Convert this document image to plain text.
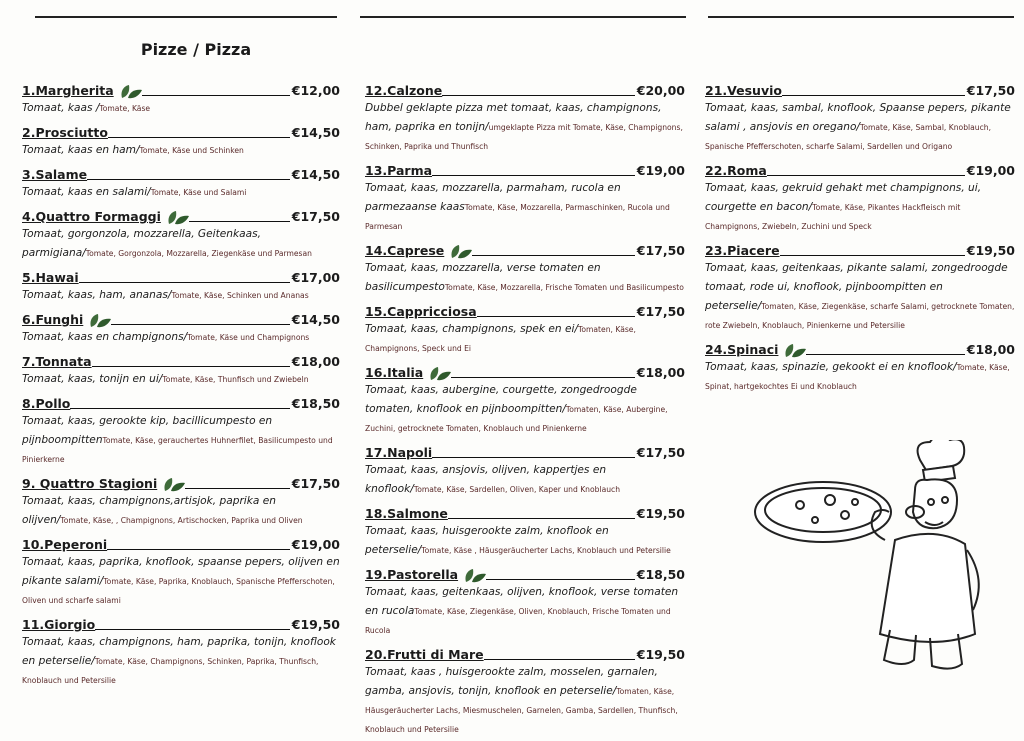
Pizze / Pizza
1.Margherita	€12,00
Tomaat, kaas /Tomate, Käse
2.Prosciutto	€14,50
Tomaat, kaas en ham/Tomate, Käse und Schinken
3.Salame	€14,50
Tomaat, kaas en salami/Tomate, Käse und Salami
4.Quattro Formaggi	€17,50
Tomaat, gorgonzola, mozzarella, Geitenkaas, parmigiana/Tomate, Gorgonzola, Mozzarella, Ziegenkäse und Parmesan
5.Hawai	€17,00
Tomaat, kaas, ham, ananas/Tomate, Käse, Schinken und Ananas
6.Funghi	€14,50
Tomaat, kaas en champignons/Tomate, Käse und Champignons
7.Tonnata	€18,00
Tomaat, kaas, tonijn en ui/Tomate, Käse, Thunfisch und Zwiebeln
8.Pollo	€18,50
Tomaat, kaas, gerookte kip, bacillicumpesto en pijnboompittenTomate, Käse, gerauchertes Huhnerfilet, Basilicumpesto und Pinierkerne
9. Quattro Stagioni	€17,50
Tomaat, kaas, champignons,artisjok, paprika en olijven/Tomate, Käse, , Champignons, Artischocken, Paprika und Oliven
10.Peperoni	€19,00
Tomaat, kaas, paprika, knoflook, spaanse pepers, olijven en pikante salami/Tomate, Käse, Paprika, Knoblauch, Spanische Pfefferschoten, Oliven und scharfe salami
11.Giorgio	€19,50
Tomaat, kaas, champignons, ham, paprika, tonijn, knoflook en peterselie/Tomate, Käse, Champignons, Schinken, Paprika, Thunfisch, Knoblauch und Petersilie
12.Calzone	€20,00
Dubbel geklapte pizza met tomaat, kaas, champignons, ham, paprika en tonijn/umgeklapte Pizza mit Tomate, Käse, Champignons, Schinken, Paprika und Thunfisch
13.Parma	€19,00
Tomaat, kaas, mozzarella, parmaham, rucola en parmezaanse kaasTomate, Käse, Mozzarella, Parmaschinken, Rucola und Parmesan
14.Caprese	€17,50
Tomaat, kaas, mozzarella, verse tomaten en basilicumpestoTomate, Käse, Mozzarella, Frische Tomaten und Basilicumpesto
15.Cappricciosa	€17,50
Tomaat, kaas, champignons, spek en ei/Tomaten, Käse, Champignons, Speck und Ei
16.Italia	€18,00
Tomaat, kaas, aubergine, courgette, zongedroogde tomaten, knoflook en pijnboompitten/Tomaten, Käse, Aubergine, Zuchini, getrocknete Tomaten, Knoblauch und Pinienkerne
17.Napoli	€17,50
Tomaat, kaas, ansjovis, olijven, kappertjes en knoflook/Tomate, Käse, Sardellen, Oliven, Kaper und Knoblauch
18.Salmone	€19,50
Tomaat, kaas, huisgerookte zalm, knoflook en peterselie/Tomate, Käse , Häusgeräucherter Lachs, Knoblauch und Petersilie
19.Pastorella	€18,50
Tomaat, kaas, geitenkaas, olijven, knoflook, verse tomaten en rucolaTomate, Käse, Ziegenkäse, Oliven, Knoblauch, Frische Tomaten und Rucola
20.Frutti di Mare	€19,50
Tomaat, kaas , huisgerookte zalm, mosselen, garnalen, gamba, ansjovis, tonijn, knoflook en peterselie/Tomaten, Käse, Häusgeräucherter Lachs, Miesmuschelen, Garnelen, Gamba, Sardellen, Thunfisch, Knoblauch und Petersilie
21.Vesuvio	€17,50
Tomaat, kaas, sambal, knoflook, Spaanse pepers, pikante salami , ansjovis en oregano/Tomate, Käse, Sambal, Knoblauch, Spanische Pfefferschoten, scharfe Salami, Sardellen und Origano
22.Roma	€19,00
Tomaat, kaas, gekruid gehakt met champignons, ui, courgette en bacon/Tomate, Käse, Pikantes Hackfleisch mit Champignons, Zwiebeln, Zuchini und Speck
23.Piacere	€19,50
Tomaat, kaas, geitenkaas, pikante salami, zongedroogde tomaat, rode ui, knoflook, pijnboompitten en peterselie/Tomaten, Käse, Ziegenkäse, scharfe Salami, getrocknete Tomaten, rote Zwiebeln, Knoblauch, Pinienkerne und Petersilie
24.Spinaci	€18,00
Tomaat, kaas, spinazie, gekookt ei en knoflook/Tomate, Käse, Spinat, hartgekochtes Ei und Knoblauch
